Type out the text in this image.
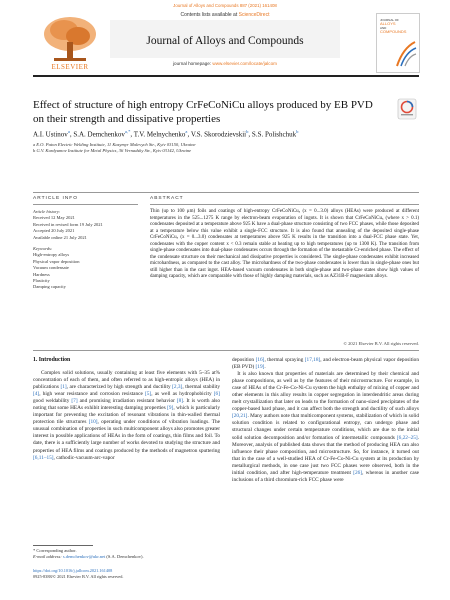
Journal of Alloys and Compounds 887 (2021) 161408
ELSEVIER
Contents lists available at ScienceDirect
Journal of Alloys and Compounds
journal homepage: www.elsevier.com/locate/jalcom
JOURNAL OF
ALLOYS
AND
COMPOUNDS
Effect of structure of high entropy CrFeCoNiCu alloys produced by EB PVD on their strength and dissipative properties
A.I. Ustinov$^a$, S.A. Demchenkov$^{a,*}$, T.V. Melnychenko$^a$, V.S. Skorodzievskii$^b$, S.S. Polishchuk$^b$
a E.O. Paton Electric Welding Institute, 11 Kazymyr Malevych Str., Kyiv 03150, Ukraine
b G.V. Kurdyumov Institute for Metal Physics, 36 Vernadsky Str., Kyiv 03142, Ukraine
ARTICLE INFO	ABSTRACT
Article history:
Received 12 May 2021
Received in revised form 19 July 2021
Accepted 20 July 2021
Available online 21 July 2021
Keywords:
High-entropy alloys
Physical vapor deposition
Vacuum condensate
Hardness
Plasticity
Damping capacity
Thin (up to 100 μm) foils and coatings of high-entropy CrFeCoNiCuₓ (x = 0...3.0) alloys (HEAs) were produced at different temperatures in the 525...1275 K range by electron-beam evaporation of ingots. It is shown that CrFeCoNiCuₓ (where x > 0.1) condensates deposited at a temperature above 925 K have a dual-phase structure consisting of two FCC phases, while those deposited at a temperature below this value exhibit a single-FCC structure. It is also found that annealing of the deposited single-phase CrFeCoNiCuₓ (x = 0...3.0) condensates at temperatures above 925 K results in the transition into a dual-FCC phase state. Yet, condensates with the copper content x < 0.3 remain stable at heating up to high temperatures (up to 1300 K). The transition from single-phase condensates into dual-phase condensates occurs through the formation of the metastable Cr-enriched phase. The effect of the condensate structure on their mechanical and dissipative properties is considered. The single-phase condensates exhibit increased microhardness, as compared to the cast alloy. The microhardness of the two-phase condensates is lower than in single-phase ones but still higher than in the cast ingot. HEA-based vacuum condensates in both single-phase and two-phase states show high values of damping capacity, which are comparable with those of highly damping materials, such as AZ31B-F magnesium alloys.
© 2021 Elsevier B.V. All rights reserved.
1. Introduction
Complex solid solutions, usually containing at least five elements with 5–35 at% concentration of each of them, and often referred to as high-entropic alloys (HEA) in publications [1], are characterized by high strength and ductility [2,3], thermal stability [4], high wear resistance and corrosion resistance [5], as well as hydrophobicity [6] good weldability [7] and promising irradiation resistant behavior [8]. It is worth also noting that some HEAs exhibit interesting damping properties [9], which is particularly important for preventing the excitation of resonant vibrations in thin-walled thermal protection tile structures [10], operating under conditions of vibration loadings. The unusual combination of properties in such multicomponent alloys also promotes greater interest in possible applications of HEAs in the form of coatings, thin films and foil. To date, there is a sufficiently large number of works devoted to studying the structure and properties of HEA films and coatings produced by the methods of magnetron sputtering [6,11–15], cathodic-vacuum-arc-vapor
deposition [16], thermal spraying [17,18], and electron-beam physical vapor deposition (EB PVD) [19].
 It is also known that properties of materials are determined by their chemical and phase compositions, as well as by the features of their microstructure. For example, in case of HEAs of the Cr-Fe-Co-Ni-Cu system the high enthalpy of mixing of copper and other elements in this alloy results in copper segregation in interdendritic areas during melt crystallization that later on leads to the formation of nano-sized precipitates of the copper-based hard phase, and it can affect both the strength and ductility of such alloys [20,21]. Many authors note that multicomponent systems, stabilization of which in solid solution condition is related to configurational entropy, can undergo phase and structural changes under certain temperature conditions, which are due to the initial solid solution decomposition and/or formation of intermetallic compounds [6,22–25]. Moreover, analysis of published data shows that the method of producing HEA can also influence their phase composition, and microstructure. So, for instance, it turned out that in the case of a well-studied HEA of Cr-Fe-Co-Ni-Cu system at its production by metallurgical methods, in one case just two FCC phases were observed, both in the initial condition, and after high-temperature treatment [26], whereas in another case inclusions of a third chromium-rich FCC phase were
* Corresponding author.
E-mail address: s.demchenkov@ukr.net (S.A. Demchenkov).
https://doi.org/10.1016/j.jallcom.2021.161408
0925-8388/© 2021 Elsevier B.V. All rights reserved.
